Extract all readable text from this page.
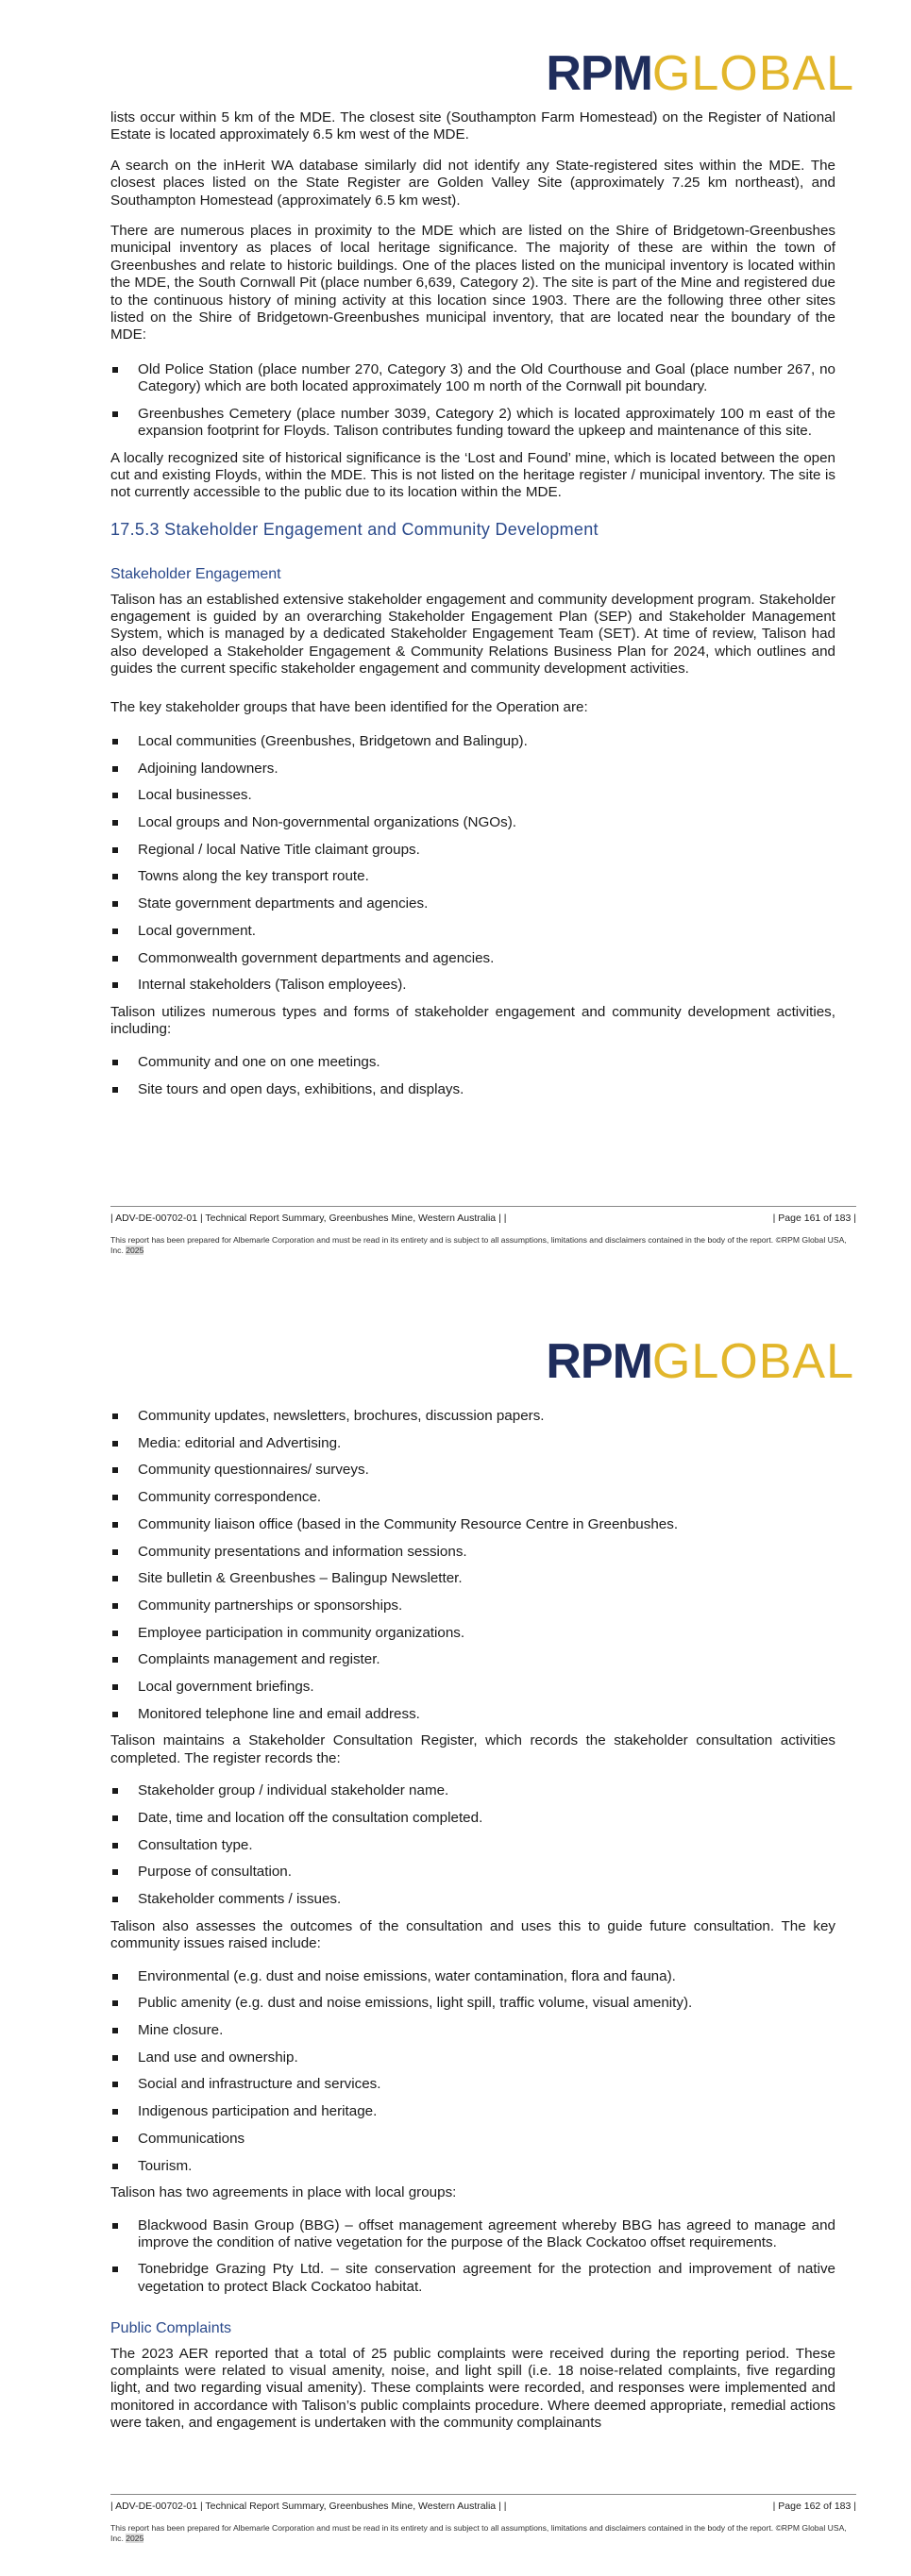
RPMGLOBAL

lists occur within 5 km of the MDE. The closest site (Southampton Farm Homestead) on the Register of National Estate is located approximately 6.5 km west of the MDE.

A search on the inHerit WA database similarly did not identify any State-registered sites within the MDE. The closest places listed on the State Register are Golden Valley Site (approximately 7.25 km northeast), and Southampton Homestead (approximately 6.5 km west).

There are numerous places in proximity to the MDE which are listed on the Shire of Bridgetown-Greenbushes municipal inventory as places of local heritage significance. The majority of these are within the town of Greenbushes and relate to historic buildings. One of the places listed on the municipal inventory is located within the MDE, the South Cornwall Pit (place number 6,639, Category 2). The site is part of the Mine and registered due to the continuous history of mining activity at this location since 1903. There are the following three other sites listed on the Shire of Bridgetown-Greenbushes municipal inventory, that are located near the boundary of the MDE:

Old Police Station (place number 270, Category 3) and the Old Courthouse and Goal (place number 267, no Category) which are both located approximately 100 m north of the Cornwall pit boundary.
Greenbushes Cemetery (place number 3039, Category 2) which is located approximately 100 m east of the expansion footprint for Floyds. Talison contributes funding toward the upkeep and maintenance of this site.

A locally recognized site of historical significance is the ‘Lost and Found’ mine, which is located between the open cut and existing Floyds, within the MDE. This is not listed on the heritage register / municipal inventory. The site is not currently accessible to the public due to its location within the MDE.

17.5.3 Stakeholder Engagement and Community Development
Stakeholder Engagement

Talison has an established extensive stakeholder engagement and community development program. Stakeholder engagement is guided by an overarching Stakeholder Engagement Plan (SEP) and Stakeholder Management System, which is managed by a dedicated Stakeholder Engagement Team (SET). At time of review, Talison had also developed a Stakeholder Engagement & Community Relations Business Plan for 2024, which outlines and guides the current specific stakeholder engagement and community development activities.

The key stakeholder groups that have been identified for the Operation are:

Local communities (Greenbushes, Bridgetown and Balingup).
Adjoining landowners.
Local businesses.
Local groups and Non-governmental organizations (NGOs).
Regional / local Native Title claimant groups.
Towns along the key transport route.
State government departments and agencies.
Local government.
Commonwealth government departments and agencies.
Internal stakeholders (Talison employees).

Talison utilizes numerous types and forms of stakeholder engagement and community development activities, including:

Community and one on one meetings.
Site tours and open days, exhibitions, and displays.
| ADV-DE-00702-01 | Technical Report Summary, Greenbushes Mine, Western Australia | |	| Page 161 of 183 |
This report has been prepared for Albemarle Corporation and must be read in its entirety and is subject to all assumptions, limitations and disclaimers contained in the body of the report. ©RPM Global USA, Inc. 2025
RPMGLOBAL
Community updates, newsletters, brochures, discussion papers.
Media: editorial and Advertising.
Community questionnaires/ surveys.
Community correspondence.
Community liaison office (based in the Community Resource Centre in Greenbushes.
Community presentations and information sessions.
Site bulletin & Greenbushes – Balingup Newsletter.
Community partnerships or sponsorships.
Employee participation in community organizations.
Complaints management and register.
Local government briefings.
Monitored telephone line and email address.

Talison maintains a Stakeholder Consultation Register, which records the stakeholder consultation activities completed. The register records the:

Stakeholder group / individual stakeholder name.
Date, time and location off the consultation completed.
Consultation type.
Purpose of consultation.
Stakeholder comments / issues.

Talison also assesses the outcomes of the consultation and uses this to guide future consultation. The key community issues raised include:

Environmental (e.g. dust and noise emissions, water contamination, flora and fauna).
Public amenity (e.g. dust and noise emissions, light spill, traffic volume, visual amenity).
Mine closure.
Land use and ownership.
Social and infrastructure and services.
Indigenous participation and heritage.
Communications
Tourism.

Talison has two agreements in place with local groups:

Blackwood Basin Group (BBG) – offset management agreement whereby BBG has agreed to manage and improve the condition of native vegetation for the purpose of the Black Cockatoo offset requirements.
Tonebridge Grazing Pty Ltd. – site conservation agreement for the protection and improvement of native vegetation to protect Black Cockatoo habitat.
Public Complaints

The 2023 AER reported that a total of 25 public complaints were received during the reporting period. These complaints were related to visual amenity, noise, and light spill (i.e. 18 noise-related complaints, five regarding light, and two regarding visual amenity). These complaints were recorded, and responses were implemented and monitored in accordance with Talison’s public complaints procedure. Where deemed appropriate, remedial actions were taken, and engagement is undertaken with the community complainants

| ADV-DE-00702-01 | Technical Report Summary, Greenbushes Mine, Western Australia | |	| Page 162 of 183 |
This report has been prepared for Albemarle Corporation and must be read in its entirety and is subject to all assumptions, limitations and disclaimers contained in the body of the report. ©RPM Global USA, Inc. 2025
